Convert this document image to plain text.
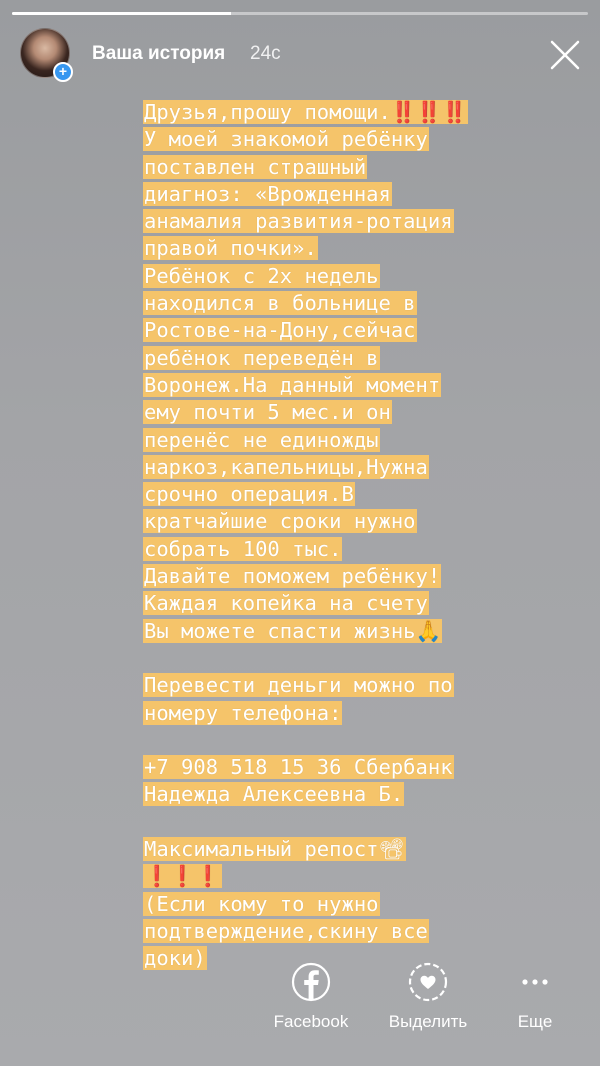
+
Ваша история 24с
Друзья,прошу помощи.‼️‼️‼️
У моей знакомой ребёнку
поставлен страшный
диагноз: «Врожденная
анамалия развития-ротация
правой почки».
Ребёнок с 2х недель
находился в больнице в
Ростове-на-Дону,сейчас
ребёнок переведён в
Воронеж.На данный момент
ему почти 5 мес.и он
перенёс не единожды
наркоз,капельницы,Нужна
срочно операция.В
кратчайшие сроки нужно
собрать 100 тыс.
Давайте поможем ребёнку!
Каждая копейка на счету
Вы можете спасти жизнь🙏
Перевести деньги можно по
номеру телефона:
+7 908 518 15 36 Сбербанк
Надежда Алексеевна Б.
Максимальный репост📽
❗️❗️❗️
(Если кому то нужно
подтверждение,скину все
доки)
Facebook	Выделить	Еще
